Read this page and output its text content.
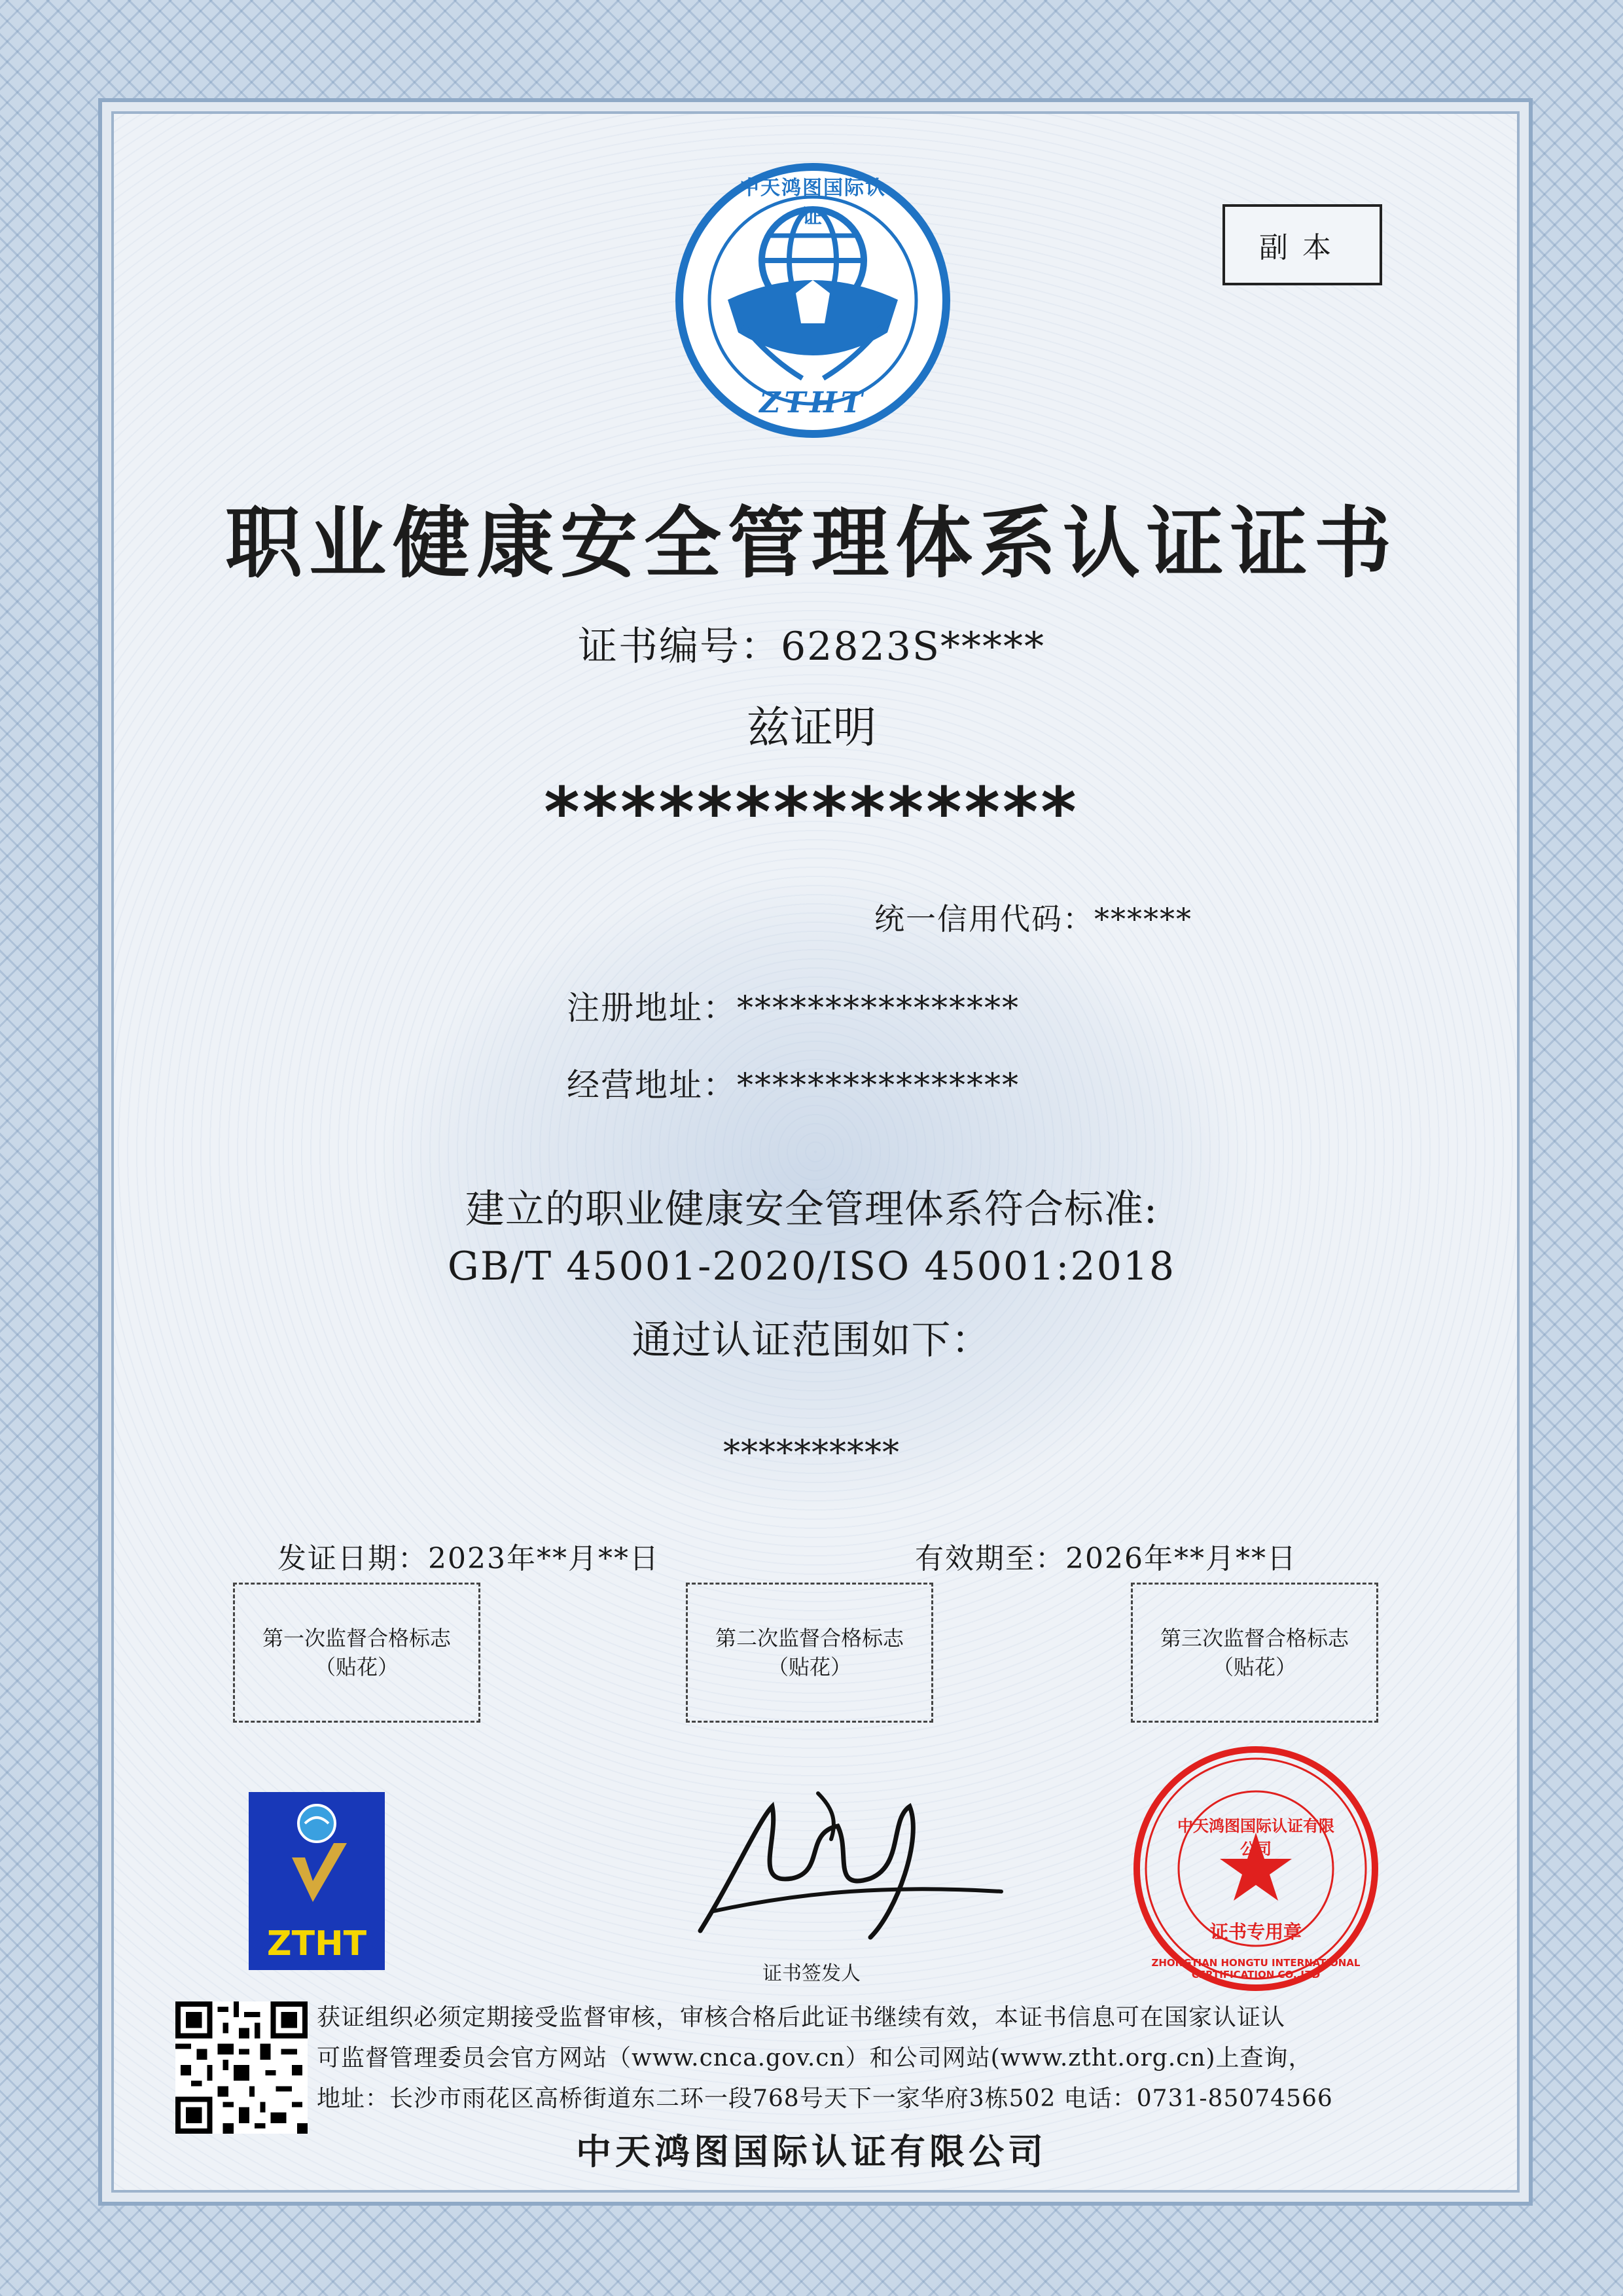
中天鸿图国际认证
ZTHT
副本
职业健康安全管理体系认证证书
证书编号：62823S*****
兹证明
**************
统一信用代码：******
注册地址：****************
经营地址：****************
建立的职业健康安全管理体系符合标准:
GB/T 45001-2020/ISO 45001:2018
通过认证范围如下：
**********
发证日期：2023年**月**日	有效期至：2026年**月**日
第一次监督合格标志
（贴花）
第二次监督合格标志
（贴花）
第三次监督合格标志
（贴花）
ZTHT
证书签发人
中天鸿图国际认证有限公司
证书专用章
ZHONGTIAN HONGTU INTERNATIONAL CERTIFICATION CO.,LTD
获证组织必须定期接受监督审核，审核合格后此证书继续有效，本证书信息可在国家认证认
可监督管理委员会官方网站（www.cnca.gov.cn）和公司网站(www.ztht.org.cn)上查询，
地址：长沙市雨花区高桥街道东二环一段768号天下一家华府3栋502 电话：0731-85074566
中天鸿图国际认证有限公司
